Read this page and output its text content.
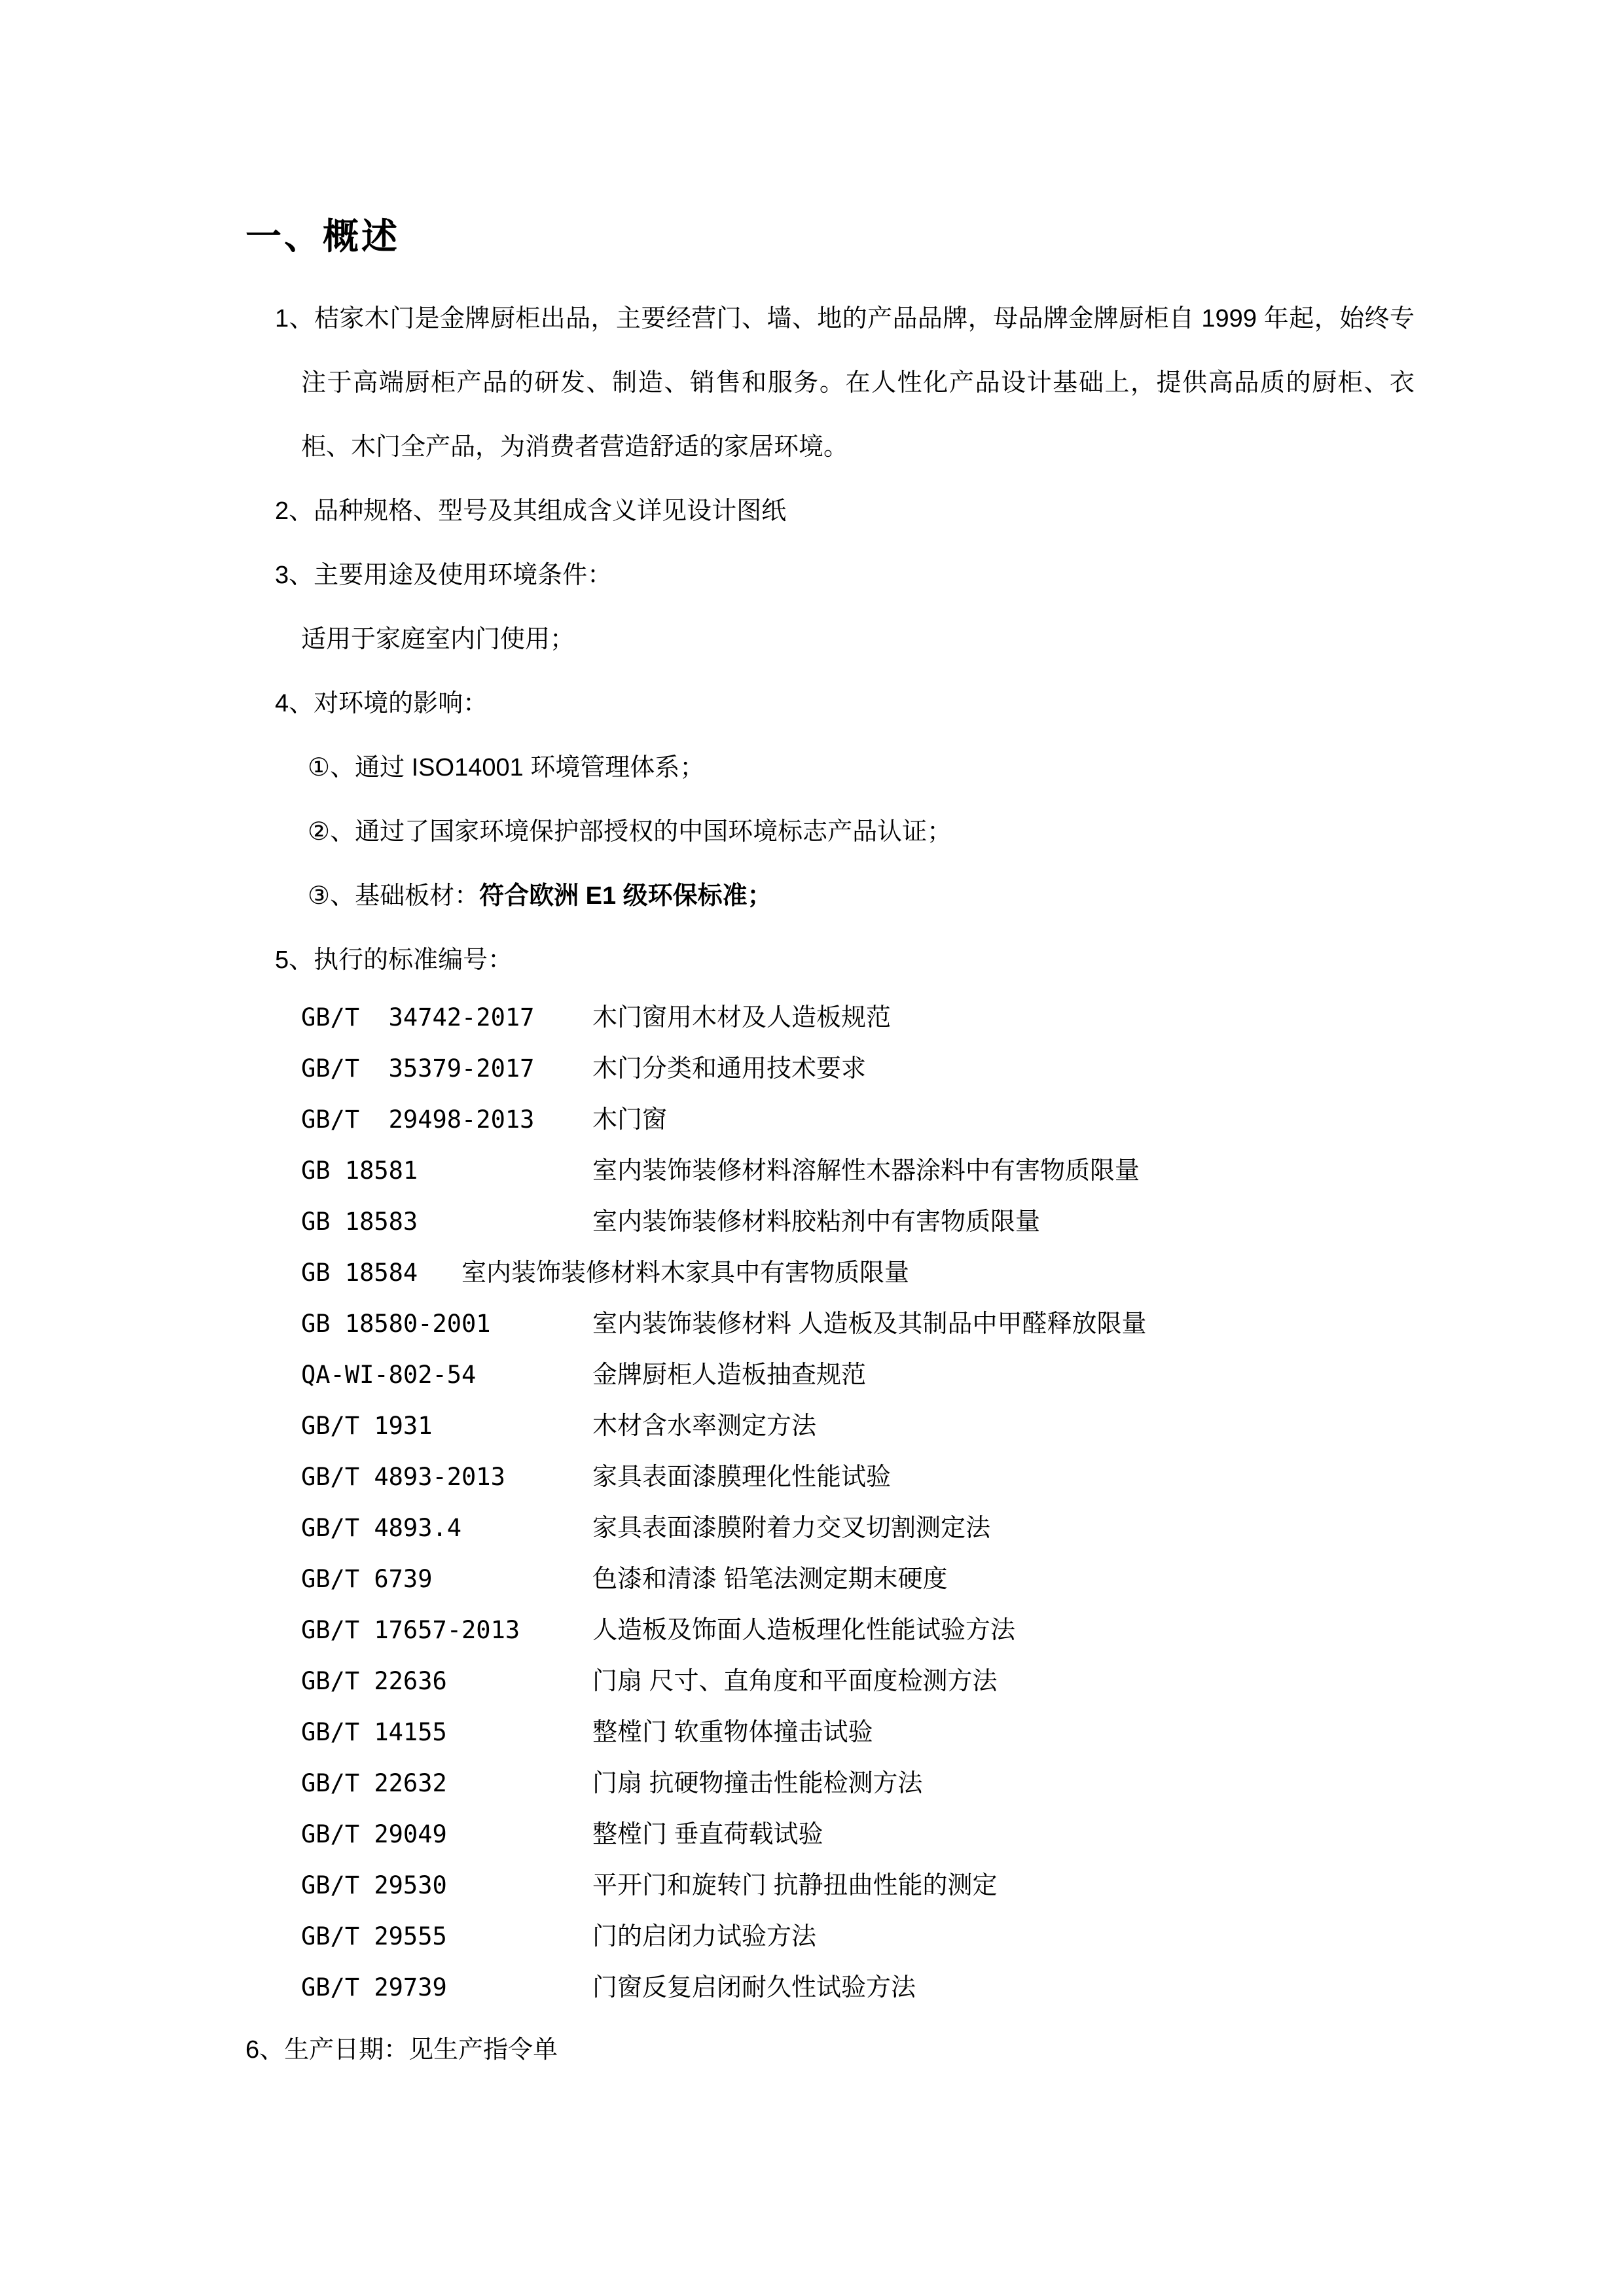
一、概述

1、桔家木门是金牌厨柜出品，主要经营门、墙、地的产品品牌，母品牌金牌厨柜自 1999 年起，始终专注于高端厨柜产品的研发、制造、销售和服务。在人性化产品设计基础上，提供高品质的厨柜、衣柜、木门全产品，为消费者营造舒适的家居环境。

2、品种规格、型号及其组成含义详见设计图纸

3、主要用途及使用环境条件：

适用于家庭室内门使用；

4、对环境的影响：

①、通过 ISO14001 环境管理体系；

②、通过了国家环境保护部授权的中国环境标志产品认证；

③、基础板材：符合欧洲 E1 级环保标准；

5、执行的标准编号：

GB/T  34742-2017	木门窗用木材及人造板规范
GB/T  35379-2017	木门分类和通用技术要求
GB/T  29498-2013	木门窗
GB 18581	室内装饰装修材料溶解性木器涂料中有害物质限量
GB 18583	室内装饰装修材料胶粘剂中有害物质限量
GB 18584	室内装饰装修材料木家具中有害物质限量
GB 18580-2001	室内装饰装修材料 人造板及其制品中甲醛释放限量
QA-WI-802-54	金牌厨柜人造板抽查规范
GB/T 1931	木材含水率测定方法
GB/T 4893-2013	家具表面漆膜理化性能试验
GB/T 4893.4	家具表面漆膜附着力交叉切割测定法
GB/T 6739	色漆和清漆 铅笔法测定期末硬度
GB/T 17657-2013	人造板及饰面人造板理化性能试验方法
GB/T 22636	门扇 尺寸、直角度和平面度检测方法
GB/T 14155	整樘门 软重物体撞击试验
GB/T 22632	门扇 抗硬物撞击性能检测方法
GB/T 29049	整樘门 垂直荷载试验
GB/T 29530	平开门和旋转门 抗静扭曲性能的测定
GB/T 29555	门的启闭力试验方法
GB/T 29739	门窗反复启闭耐久性试验方法

6、生产日期：见生产指令单
